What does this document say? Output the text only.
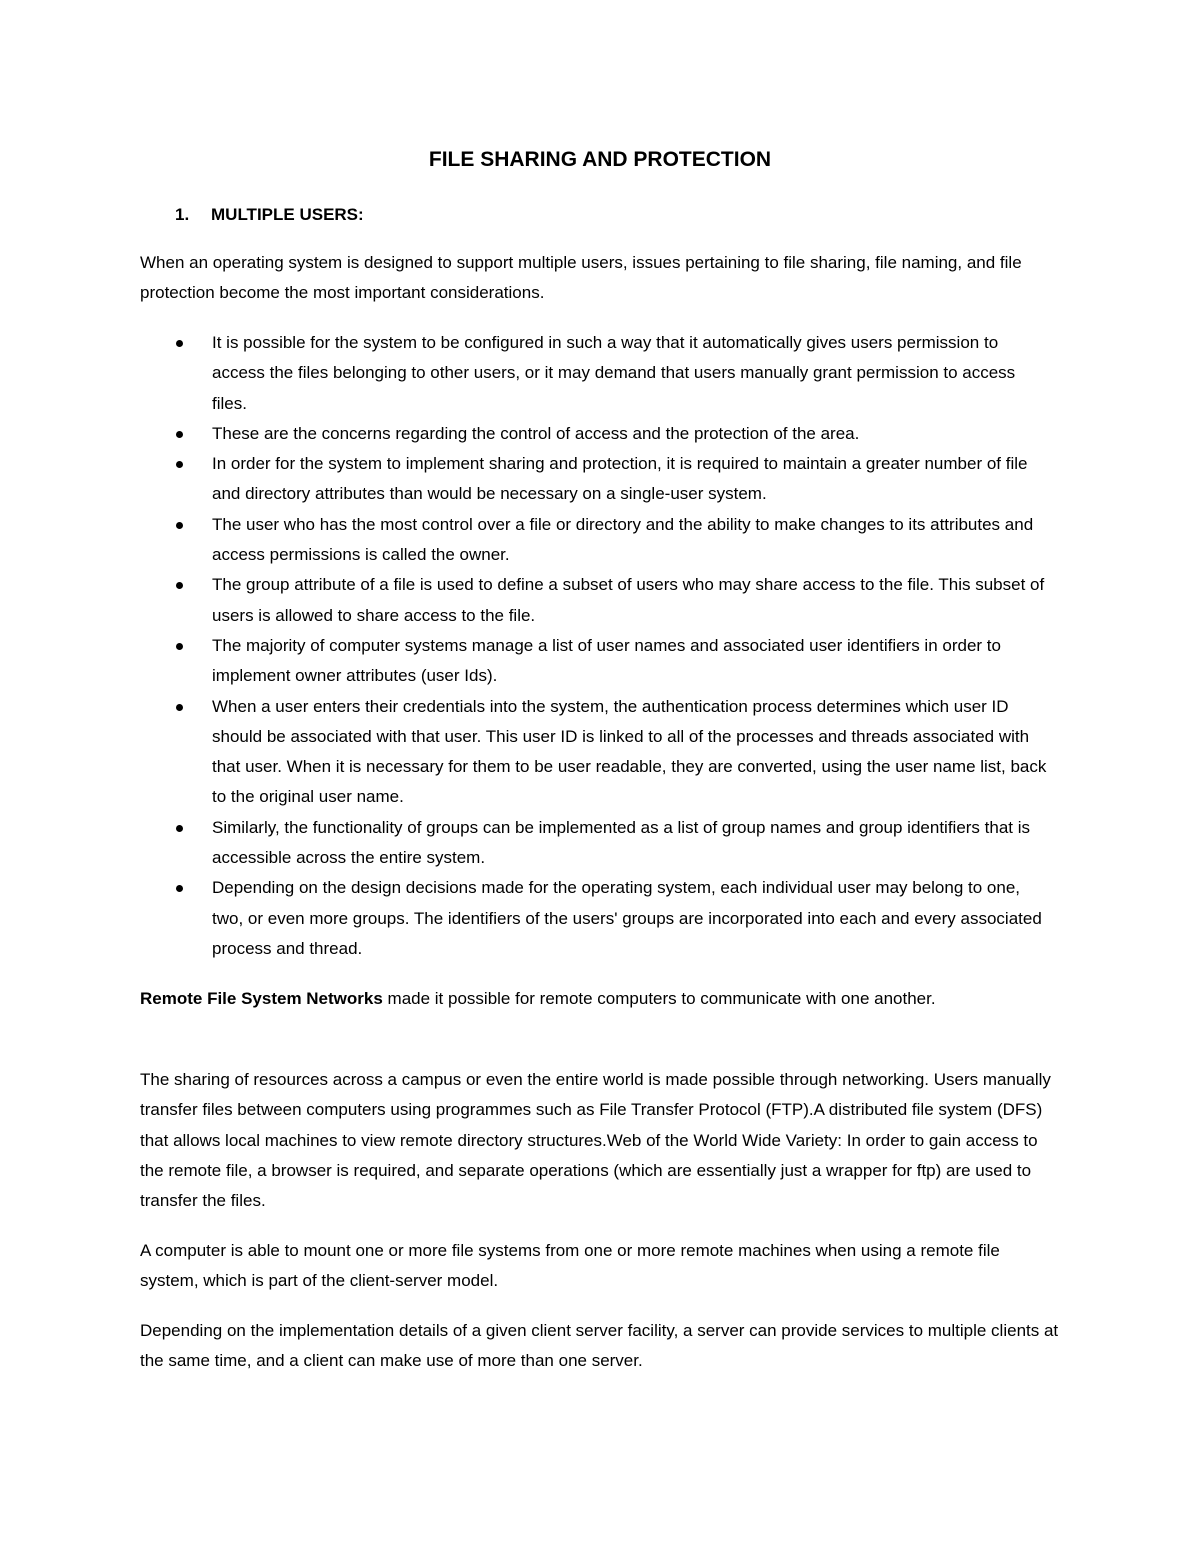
FILE SHARING AND PROTECTION
1. MULTIPLE USERS:

When an operating system is designed to support multiple users, issues pertaining to file sharing, file naming, and file protection become the most important considerations.

It is possible for the system to be configured in such a way that it automatically gives users permission to access the files belonging to other users, or it may demand that users manually grant permission to access files.
These are the concerns regarding the control of access and the protection of the area.
In order for the system to implement sharing and protection, it is required to maintain a greater number of file and directory attributes than would be necessary on a single-user system.
The user who has the most control over a file or directory and the ability to make changes to its attributes and access permissions is called the owner.
The group attribute of a file is used to define a subset of users who may share access to the file. This subset of users is allowed to share access to the file.
The majority of computer systems manage a list of user names and associated user identifiers in order to implement owner attributes (user Ids).
When a user enters their credentials into the system, the authentication process determines which user ID should be associated with that user. This user ID is linked to all of the processes and threads associated with that user. When it is necessary for them to be user readable, they are converted, using the user name list, back to the original user name.
Similarly, the functionality of groups can be implemented as a list of group names and group identifiers that is accessible across the entire system.
Depending on the design decisions made for the operating system, each individual user may belong to one, two, or even more groups. The identifiers of the users' groups are incorporated into each and every associated process and thread.

Remote File System Networks made it possible for remote computers to communicate with one another.

The sharing of resources across a campus or even the entire world is made possible through networking. Users manually transfer files between computers using programmes such as File Transfer Protocol (FTP).A distributed file system (DFS) that allows local machines to view remote directory structures.Web of the World Wide Variety: In order to gain access to the remote file, a browser is required, and separate operations (which are essentially just a wrapper for ftp) are used to transfer the files.

A computer is able to mount one or more file systems from one or more remote machines when using a remote file system, which is part of the client-server model.

Depending on the implementation details of a given client server facility, a server can provide services to multiple clients at the same time, and a client can make use of more than one server.
